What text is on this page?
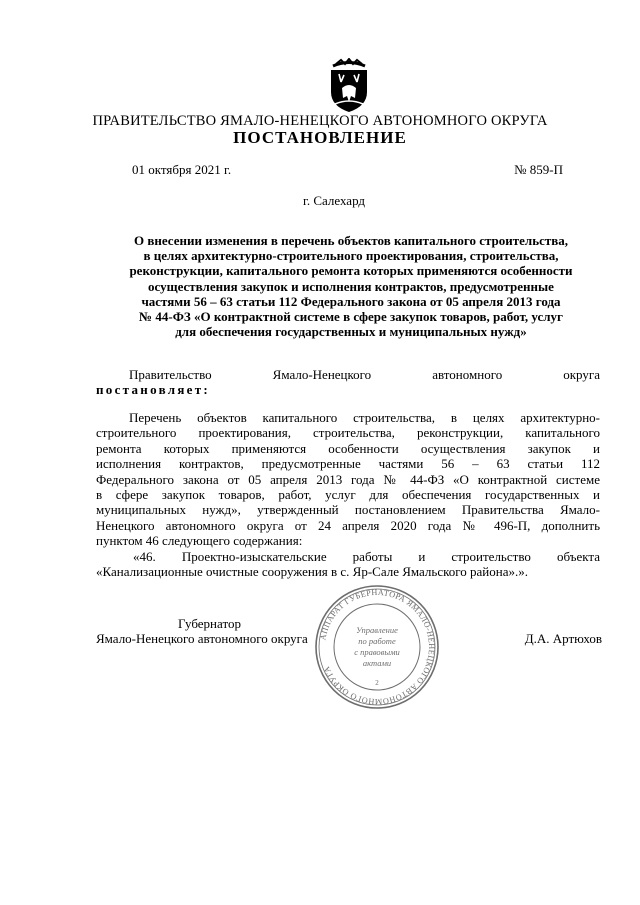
ПРАВИТЕЛЬСТВО ЯМАЛО-НЕНЕЦКОГО АВТОНОМНОГО ОКРУГА
ПОСТАНОВЛЕНИЕ
01 октября 2021 г.	№ 859-П
г. Салехард
О внесении изменения в перечень объектов капитального строительства,
в целях архитектурно-строительного проектирования, строительства,
реконструкции, капитального ремонта которых применяются особенности
осуществления закупок и исполнения контрактов, предусмотренные
частями 56 – 63 статьи 112 Федерального закона от 05 апреля 2013 года
№ 44-ФЗ «О контрактной системе в сфере закупок товаров, работ, услуг
для обеспечения государственных и муниципальных нужд»
Правительство	Ямало-Ненецкого	автономного	округа
постановляет:
Перечень объектов капитального строительства, в целях архитектурно-
строительного проектирования, строительства, реконструкции, капитального
ремонта которых применяются особенности осуществления закупок и
исполнения контрактов, предусмотренные частями 56 – 63 статьи 112
Федерального закона от 05 апреля 2013 года № 44-ФЗ «О контрактной системе
в сфере закупок товаров, работ, услуг для обеспечения государственных и
муниципальных нужд», утвержденный постановлением Правительства Ямало-
Ненецкого автономного округа от 24 апреля 2020 года № 496-П, дополнить
пунктом 46 следующего содержания:
«46. Проектно-изыскательские работы и строительство объекта
«Канализационные очистные сооружения в с. Яр-Сале Ямальского района».».
Губернатор
Ямало-Ненецкого автономного округа	Д.А. Артюхов
АППАРАТ ГУБЕРНАТОРА ЯМАЛО-НЕНЕЦКОГО АВТОНОМНОГО ОКРУГА
Управление
по работе
с правовыми
актами
2
